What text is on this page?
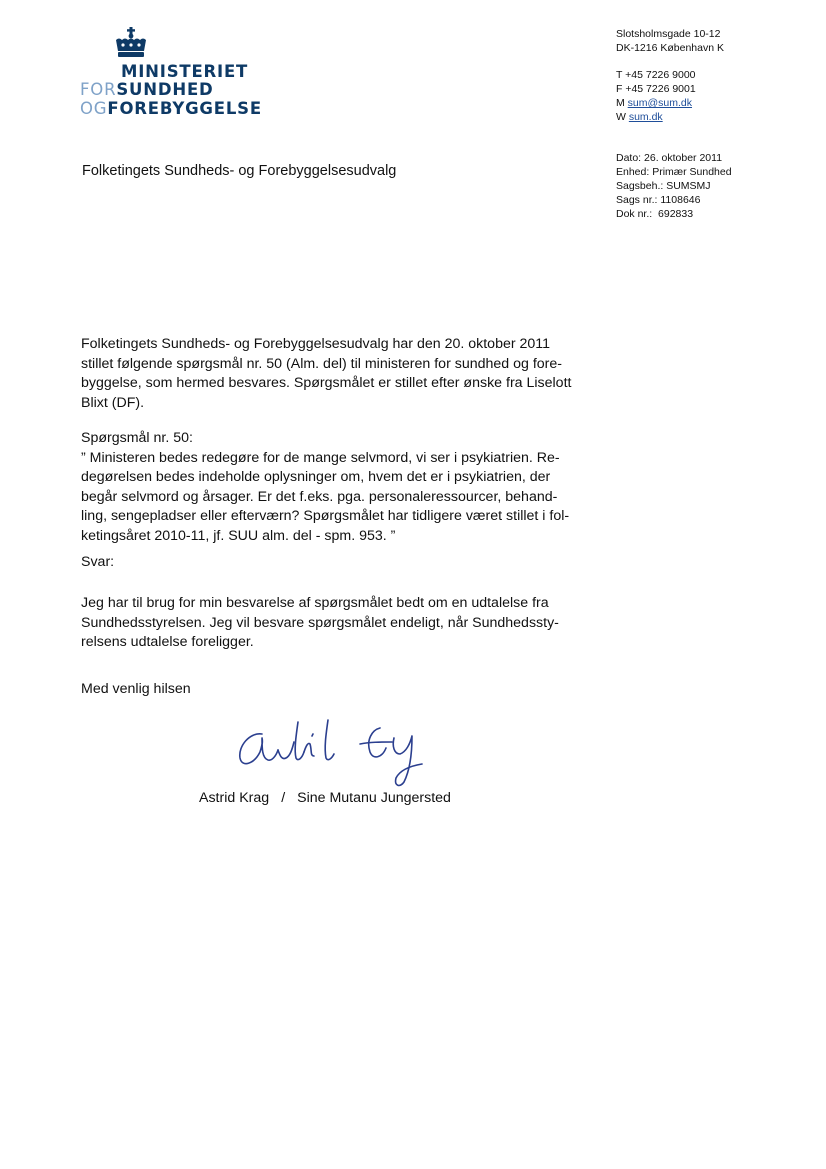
MINISTERIET
FORSUNDHED
OGFOREBYGGELSE
Slotsholmsgade 10-12
DK-1216 København K
T +45 7226 9000
F +45 7226 9001
M sum@sum.dk
W sum.dk
Dato: 26. oktober 2011
Enhed: Primær Sundhed
Sagsbeh.: SUMSMJ
Sags nr.: 1108646
Dok nr.:  692833
Folketingets Sundheds- og Forebyggelsesudvalg
Folketingets Sundheds- og Forebyggelsesudvalg har den 20. oktober 2011
stillet følgende spørgsmål nr. 50 (Alm. del) til ministeren for sundhed og fore-
byggelse, som hermed besvares. Spørgsmålet er stillet efter ønske fra Liselott
Blixt (DF).
Spørgsmål nr. 50:
” Ministeren bedes redegøre for de mange selvmord, vi ser i psykiatrien. Re-
degørelsen bedes indeholde oplysninger om, hvem det er i psykiatrien, der
begår selvmord og årsager. Er det f.eks. pga. personaleressourcer, behand-
ling, sengepladser eller efterværn? Spørgsmålet har tidligere været stillet i fol-
ketingsåret 2010-11, jf. SUU alm. del - spm. 953. ”
Svar:
Jeg har til brug for min besvarelse af spørgsmålet bedt om en udtalelse fra
Sundhedsstyrelsen. Jeg vil besvare spørgsmålet endeligt, når Sundhedssty-
relsens udtalelse foreligger.
Med venlig hilsen
Astrid Krag / Sine Mutanu Jungersted
